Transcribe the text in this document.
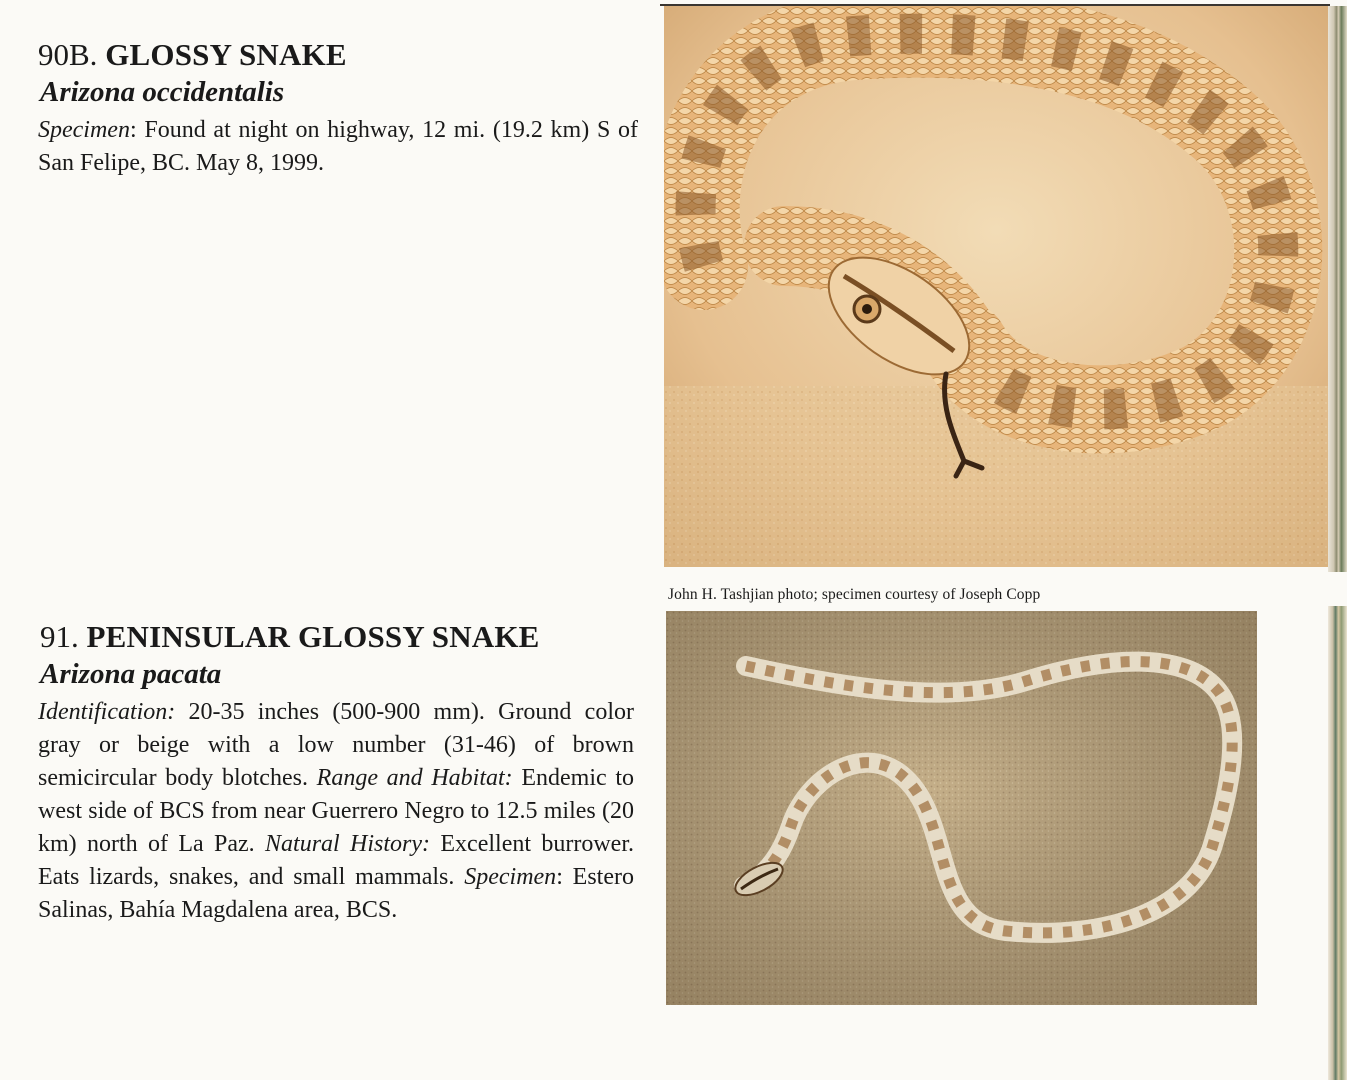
90B. GLOSSY SNAKE

Arizona occidentalis

Specimen: Found at night on highway, 12 mi. (19.2 km) S of San Felipe, BC. May 8, 1999.

John H. Tashjian photo; specimen courtesy of Joseph Copp
91. PENINSULAR GLOSSY SNAKE

Arizona pacata

Identification: 20-35 inches (500-900 mm). Ground color gray or beige with a low number (31-46) of brown semicircular body blotches. Range and Habitat: Endemic to west side of BCS from near Guerrero Negro to 12.5 miles (20 km) north of La Paz. Natural History: Excellent burrower. Eats lizards, snakes, and small mammals. Specimen: Estero Salinas, Bahía Magdalena area, BCS.
